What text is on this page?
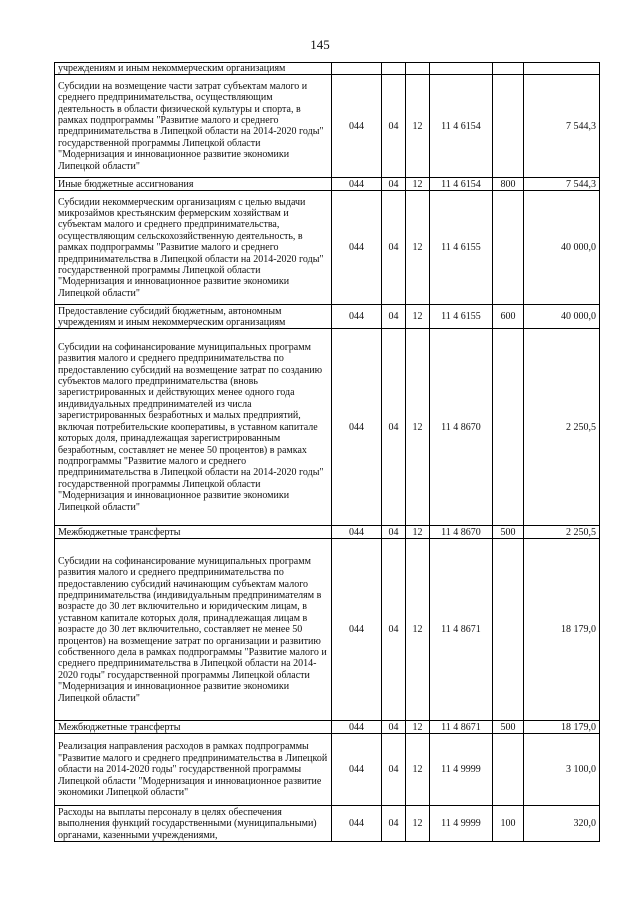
145
учреждениям и иным некоммерческим организациям						
Субсидии на возмещение части затрат субъектам малого и среднего предпринимательства, осуществляющим деятельность в области физической культуры и спорта, в рамках подпрограммы "Развитие малого и среднего предпринимательства в Липецкой области на 2014-2020 годы" государственной программы Липецкой области "Модернизация и инновационное развитие экономики Липецкой области"	044	04	12	11 4 6154		7 544,3
Иные бюджетные ассигнования	044	04	12	11 4 6154	800	7 544,3
Субсидии некоммерческим организациям с целью выдачи микрозаймов крестьянским фермерским хозяйствам и субъектам малого и среднего предпринимательства, осуществляющим сельскохозяйственную деятельность, в рамках подпрограммы "Развитие малого и среднего предпринимательства в Липецкой области на 2014-2020 годы" государственной программы Липецкой области "Модернизация и инновационное развитие экономики Липецкой области"	044	04	12	11 4 6155		40 000,0
Предоставление субсидий бюджетным, автономным учреждениям и иным некоммерческим организациям	044	04	12	11 4 6155	600	40 000,0
Субсидии на софинансирование муниципальных программ развития малого и среднего предпринимательства по предоставлению субсидий на возмещение затрат по созданию субъектов малого предпринимательства (вновь зарегистрированных и действующих менее одного года индивидуальных предпринимателей из числа зарегистрированных безработных и малых предприятий, включая потребительские кооперативы, в уставном капитале которых доля, принадлежащая зарегистрированным безработным, составляет не менее 50 процентов) в рамках подпрограммы "Развитие малого и среднего предпринимательства в Липецкой области на 2014-2020 годы" государственной программы Липецкой области "Модернизация и инновационное развитие экономики Липецкой области"	044	04	12	11 4 8670		2 250,5
Межбюджетные трансферты	044	04	12	11 4 8670	500	2 250,5
Субсидии на софинансирование муниципальных программ развития малого и среднего предпринимательства по предоставлению субсидий начинающим субъектам малого предпринимательства (индивидуальным предпринимателям в возрасте до 30 лет включительно и юридическим лицам, в уставном капитале которых доля, принадлежащая лицам в возрасте до 30 лет включительно, составляет не менее 50 процентов) на возмещение затрат по организации и развитию собственного дела в рамках подпрограммы "Развитие малого и среднего предпринимательства в Липецкой области на 2014-2020 годы" государственной программы Липецкой области "Модернизация и инновационное развитие экономики Липецкой области"	044	04	12	11 4 8671		18 179,0
Межбюджетные трансферты	044	04	12	11 4 8671	500	18 179,0
Реализация направления расходов в рамках подпрограммы "Развитие малого и среднего предпринимательства в Липецкой области на 2014-2020 годы" государственной программы Липецкой области "Модернизация и инновационное развитие экономики Липецкой области"	044	04	12	11 4 9999		3 100,0
Расходы на выплаты персоналу в целях обеспечения выполнения функций государственными (муниципальными) органами, казенными учреждениями,	044	04	12	11 4 9999	100	320,0
